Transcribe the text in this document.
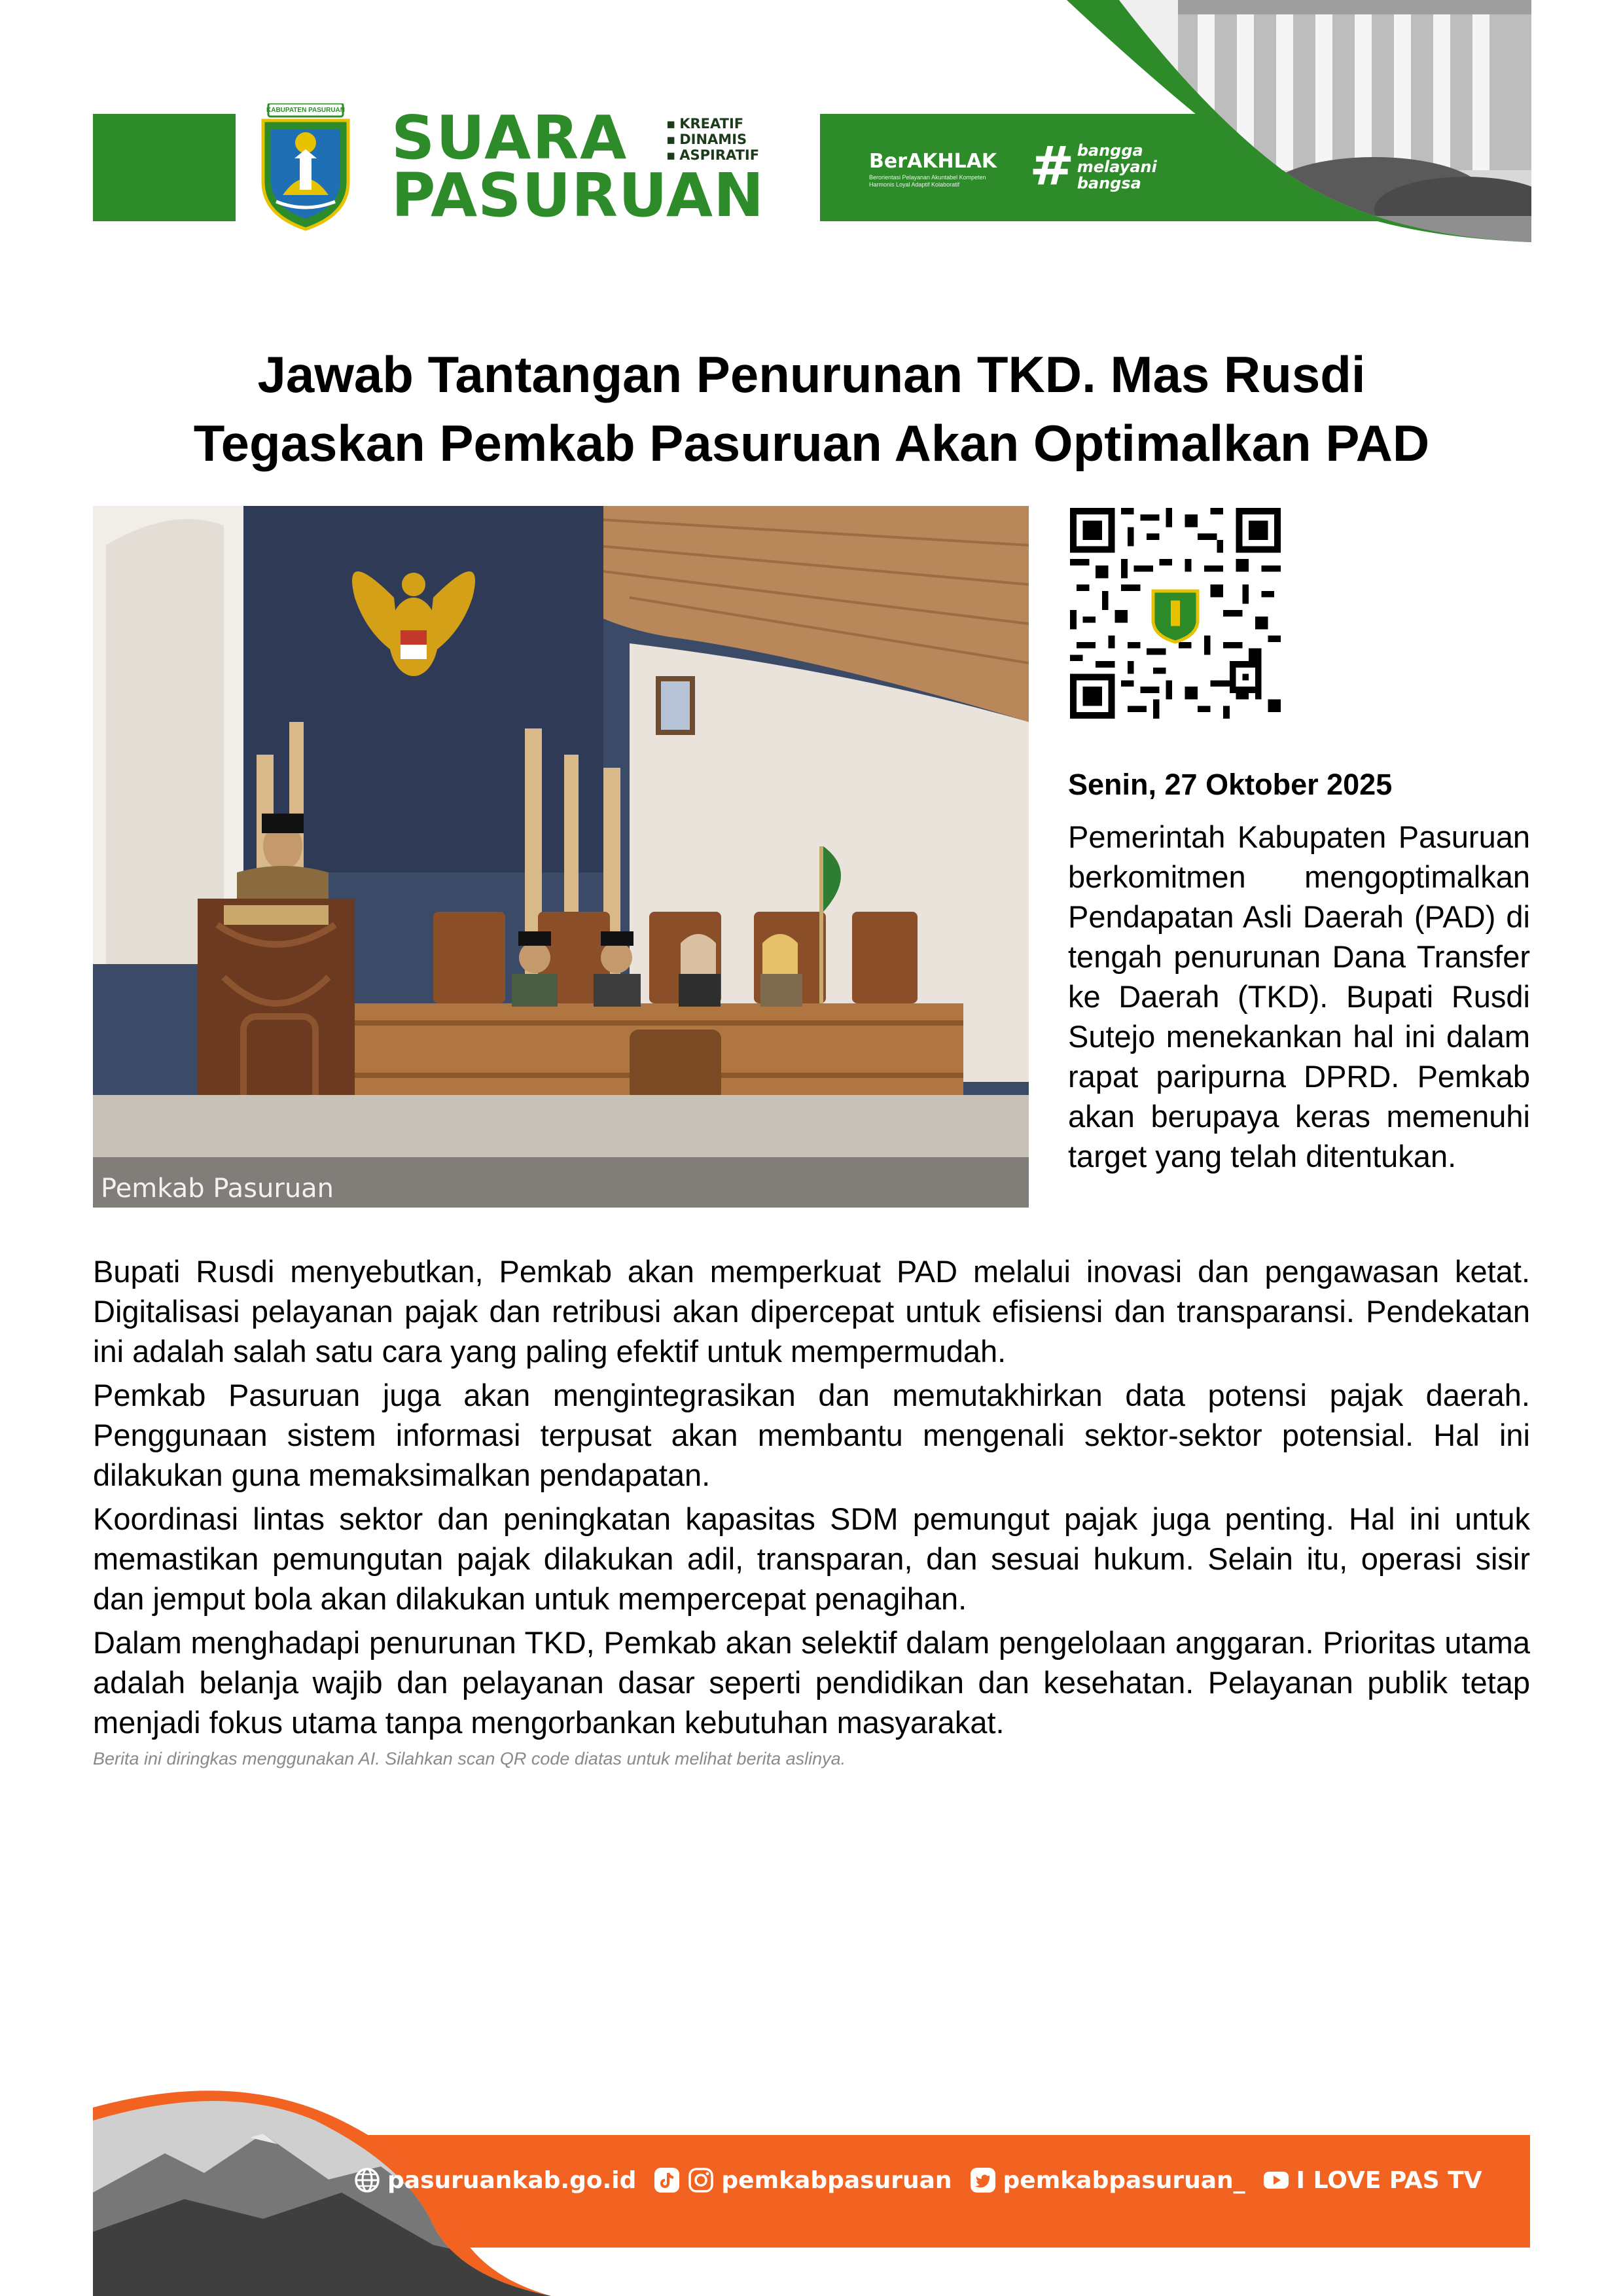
KABUPATEN PASURUAN SUARA
PASURUAN
▪ KREATIF
▪ DINAMIS
▪ ASPIRATIF	BerAKHLAK
Berorientasi Pelayanan Akuntabel Kompeten Harmonis Loyal Adaptif Kolaboratif	# bangga
melayani
bangsa
Jawab Tantangan Penurunan TKD. Mas Rusdi
Tegaskan Pemkab Pasuruan Akan Optimalkan PAD
Pemkab Pasuruan
Senin, 27 Oktober 2025

Pemerintah Kabupaten Pasuruan berkomitmen mengoptimalkan Pendapatan Asli Daerah (PAD) di tengah penurunan Dana Transfer ke Daerah (TKD). Bupati Rusdi Sutejo menekankan hal ini dalam rapat paripurna DPRD. Pemkab akan berupaya keras memenuhi target yang telah ditentukan.

Bupati Rusdi menyebutkan, Pemkab akan memperkuat PAD melalui inovasi dan pengawasan ketat. Digitalisasi pelayanan pajak dan retribusi akan dipercepat untuk efisiensi dan transparansi. Pendekatan ini adalah salah satu cara yang paling efektif untuk mempermudah.

Pemkab Pasuruan juga akan mengintegrasikan dan memutakhirkan data potensi pajak daerah. Penggunaan sistem informasi terpusat akan membantu mengenali sektor-sektor potensial. Hal ini dilakukan guna memaksimalkan pendapatan.

Koordinasi lintas sektor dan peningkatan kapasitas SDM pemungut pajak juga penting. Hal ini untuk memastikan pemungutan pajak dilakukan adil, transparan, dan sesuai hukum. Selain itu, operasi sisir dan jemput bola akan dilakukan untuk mempercepat penagihan.

Dalam menghadapi penurunan TKD, Pemkab akan selektif dalam pengelolaan anggaran. Prioritas utama adalah belanja wajib dan pelayanan dasar seperti pendidikan dan kesehatan. Pelayanan publik tetap menjadi fokus utama tanpa mengorbankan kebutuhan masyarakat.

Berita ini diringkas menggunakan AI. Silahkan scan QR code diatas untuk melihat berita aslinya.
pasuruankab.go.id	pemkabpasuruan pemkabpasuruan_ I LOVE PAS TV
